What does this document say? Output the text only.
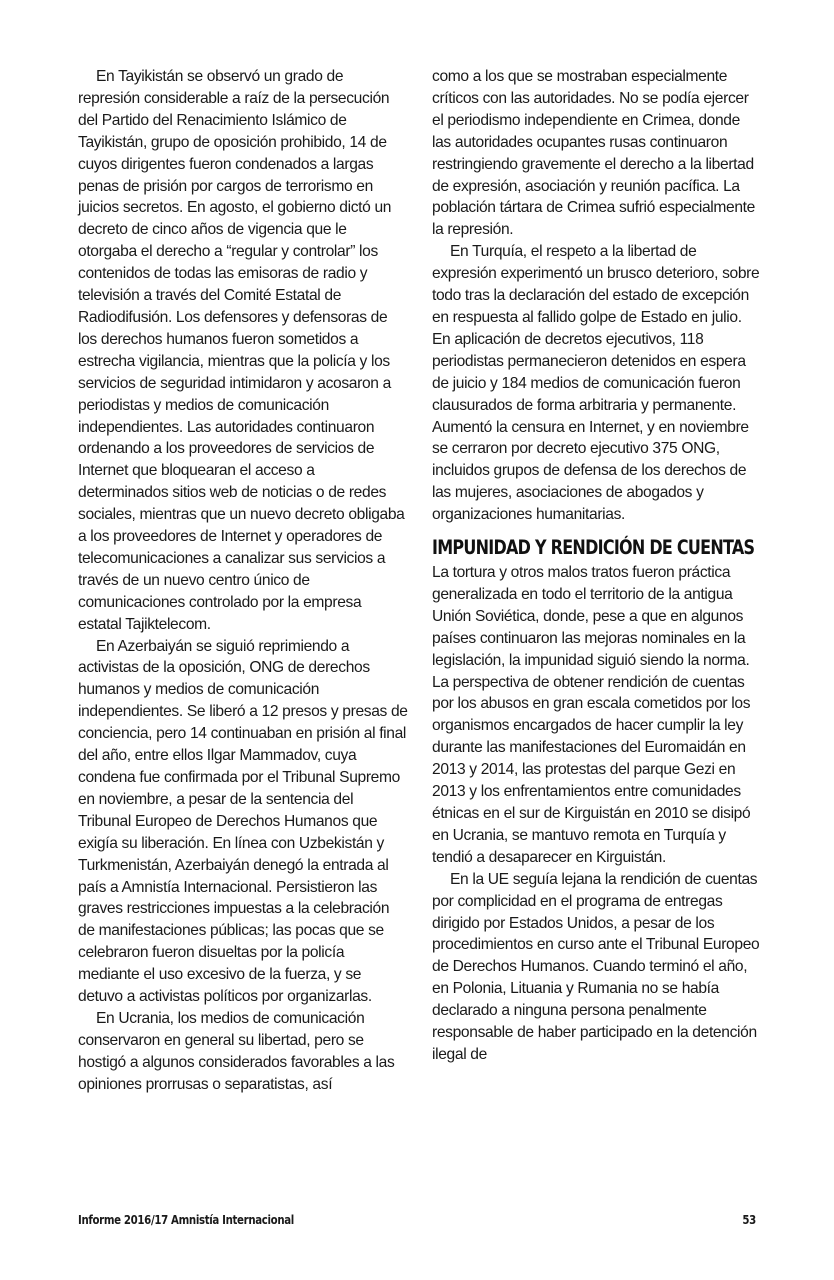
En Tayikistán se observó un grado de represión considerable a raíz de la persecución del Partido del Renacimiento Islámico de Tayikistán, grupo de oposición prohibido, 14 de cuyos dirigentes fueron condenados a largas penas de prisión por cargos de terrorismo en juicios secretos. En agosto, el gobierno dictó un decreto de cinco años de vigencia que le otorgaba el derecho a “regular y controlar” los contenidos de todas las emisoras de radio y televisión a través del Comité Estatal de Radiodifusión. Los defensores y defensoras de los derechos humanos fueron sometidos a estrecha vigilancia, mientras que la policía y los servicios de seguridad intimidaron y acosaron a periodistas y medios de comunicación independientes. Las autoridades continuaron ordenando a los proveedores de servicios de Internet que bloquearan el acceso a determinados sitios web de noticias o de redes sociales, mientras que un nuevo decreto obligaba a los proveedores de Internet y operadores de telecomunicaciones a canalizar sus servicios a través de un nuevo centro único de comunicaciones controlado por la empresa estatal Tajiktelecom.

En Azerbaiyán se siguió reprimiendo a activistas de la oposición, ONG de derechos humanos y medios de comunicación independientes. Se liberó a 12 presos y presas de conciencia, pero 14 continuaban en prisión al final del año, entre ellos Ilgar Mammadov, cuya condena fue confirmada por el Tribunal Supremo en noviembre, a pesar de la sentencia del Tribunal Europeo de Derechos Humanos que exigía su liberación. En línea con Uzbekistán y Turkmenistán, Azerbaiyán denegó la entrada al país a Amnistía Internacional. Persistieron las graves restricciones impuestas a la celebración de manifestaciones públicas; las pocas que se celebraron fueron disueltas por la policía mediante el uso excesivo de la fuerza, y se detuvo a activistas políticos por organizarlas.

En Ucrania, los medios de comunicación conservaron en general su libertad, pero se hostigó a algunos considerados favorables a las opiniones prorrusas o separatistas, así

como a los que se mostraban especialmente críticos con las autoridades. No se podía ejercer el periodismo independiente en Crimea, donde las autoridades ocupantes rusas continuaron restringiendo gravemente el derecho a la libertad de expresión, asociación y reunión pacífica. La población tártara de Crimea sufrió especialmente la represión.

En Turquía, el respeto a la libertad de expresión experimentó un brusco deterioro, sobre todo tras la declaración del estado de excepción en respuesta al fallido golpe de Estado en julio. En aplicación de decretos ejecutivos, 118 periodistas permanecieron detenidos en espera de juicio y 184 medios de comunicación fueron clausurados de forma arbitraria y permanente. Aumentó la censura en Internet, y en noviembre se cerraron por decreto ejecutivo 375 ONG, incluidos grupos de defensa de los derechos de las mujeres, asociaciones de abogados y organizaciones humanitarias.

IMPUNIDAD Y RENDICIÓN DE CUENTAS

La tortura y otros malos tratos fueron práctica generalizada en todo el territorio de la antigua Unión Soviética, donde, pese a que en algunos países continuaron las mejoras nominales en la legislación, la impunidad siguió siendo la norma. La perspectiva de obtener rendición de cuentas por los abusos en gran escala cometidos por los organismos encargados de hacer cumplir la ley durante las manifestaciones del Euromaidán en 2013 y 2014, las protestas del parque Gezi en 2013 y los enfrentamientos entre comunidades étnicas en el sur de Kirguistán en 2010 se disipó en Ucrania, se mantuvo remota en Turquía y tendió a desaparecer en Kirguistán.

En la UE seguía lejana la rendición de cuentas por complicidad en el programa de entregas dirigido por Estados Unidos, a pesar de los procedimientos en curso ante el Tribunal Europeo de Derechos Humanos. Cuando terminó el año, en Polonia, Lituania y Rumania no se había declarado a ninguna persona penalmente responsable de haber participado en la detención ilegal de

Informe 2016/17 Amnistía Internacional	53
